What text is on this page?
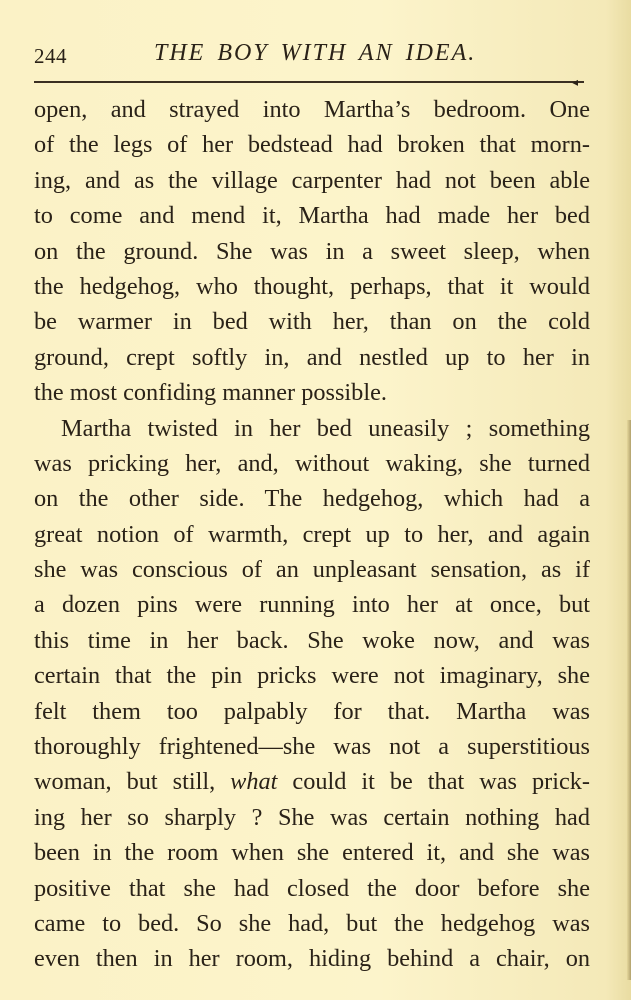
244	THE BOY WITH AN IDEA.
◂
open, and strayed into Martha’s bedroom. One
of the legs of her bedstead had broken that morn-
ing, and as the village carpenter had not been able
to come and mend it, Martha had made her bed
on the ground. She was in a sweet sleep, when
the hedgehog, who thought, perhaps, that it would
be warmer in bed with her, than on the cold
ground, crept softly in, and nestled up to her in
the most confiding manner possible.
Martha twisted in her bed uneasily ; something
was pricking her, and, without waking, she turned
on the other side. The hedgehog, which had a
great notion of warmth, crept up to her, and again
she was conscious of an unpleasant sensation, as if
a dozen pins were running into her at once, but
this time in her back. She woke now, and was
certain that the pin pricks were not imaginary, she
felt them too palpably for that. Martha was
thoroughly frightened—she was not a superstitious
woman, but still, what could it be that was prick-
ing her so sharply ? She was certain nothing had
been in the room when she entered it, and she was
positive that she had closed the door before she
came to bed. So she had, but the hedgehog was
even then in her room, hiding behind a chair, on
